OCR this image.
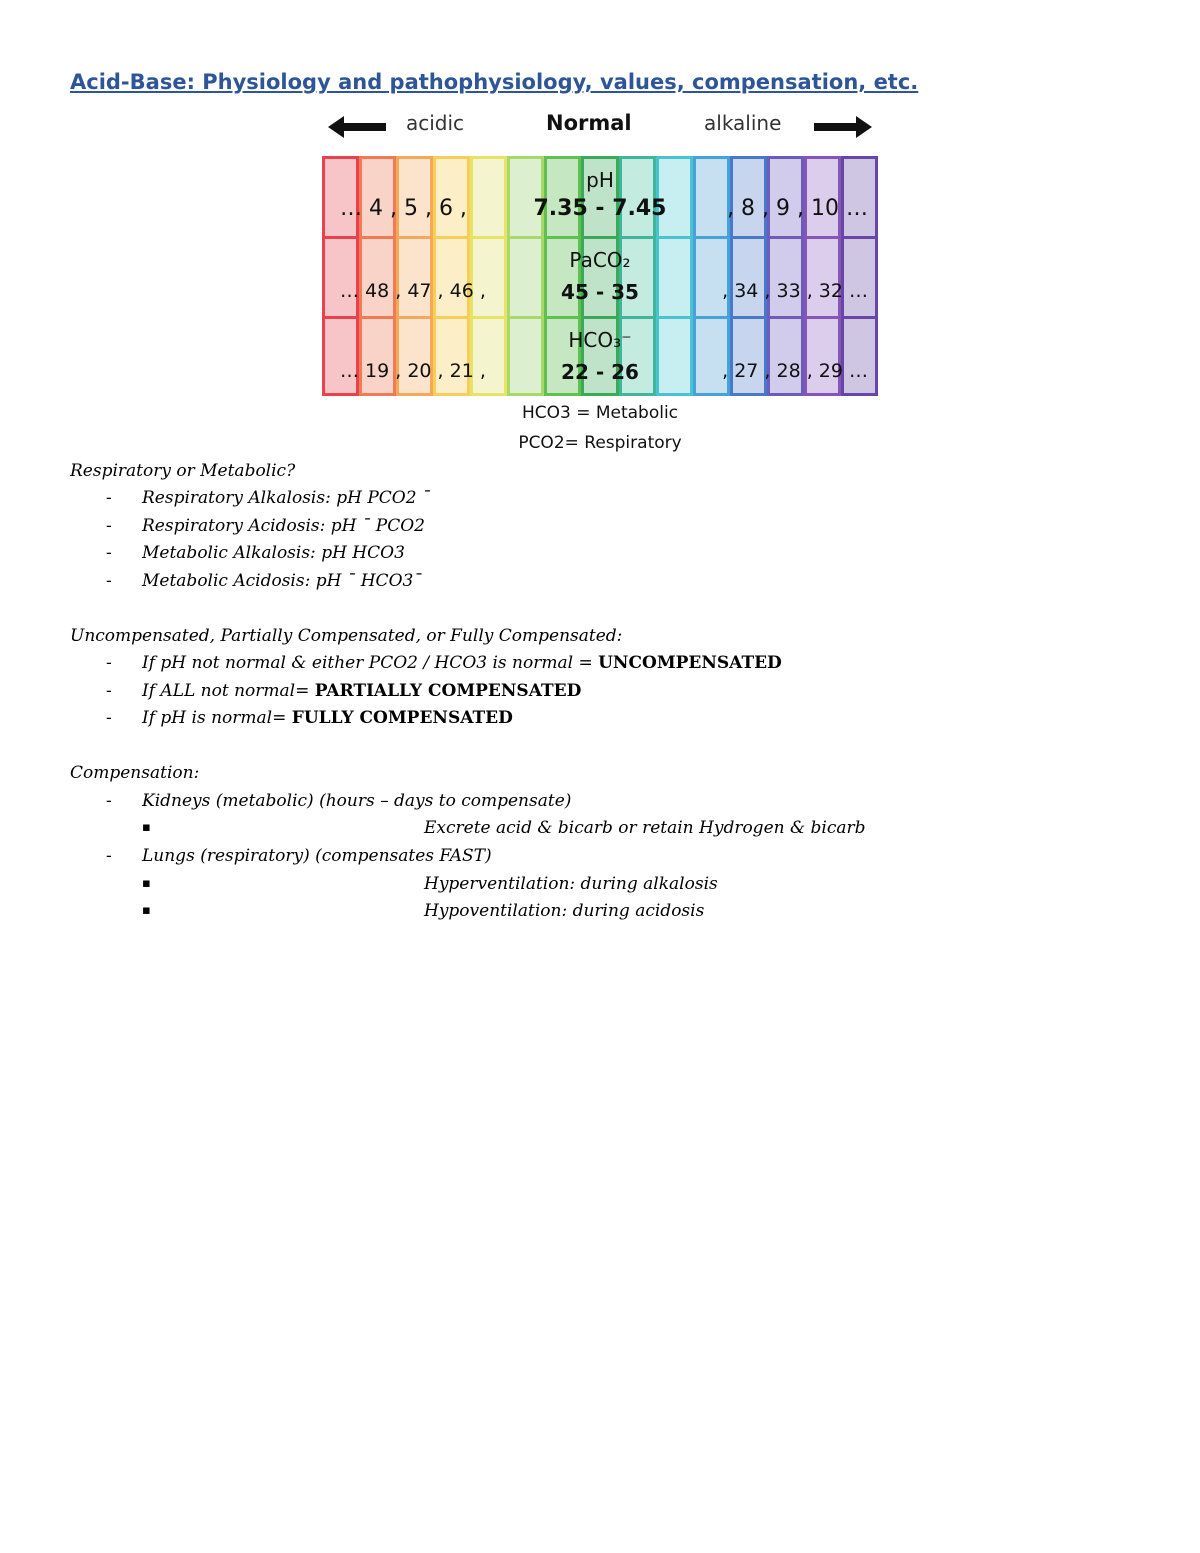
Acid-Base: Physiology and pathophysiology, values, compensation, etc.
acidic	Normal	alkaline
pH
… 4 , 5 , 6 ,	7.35 - 7.45	, 8 , 9 , 10 …
PaCO₂
… 48 , 47 , 46 ,	45 - 35	, 34 , 33 , 32 …
HCO₃⁻
… 19 , 20 , 21 ,	22 - 26	, 27 , 28 , 29 …
HCO3 = Metabolic
PCO2= Respiratory
Respiratory or Metabolic?
- Respiratory Alkalosis: pH PCO2 ¯
- Respiratory Acidosis: pH ¯ PCO2
- Metabolic Alkalosis: pH HCO3
- Metabolic Acidosis: pH ¯ HCO3¯
Uncompensated, Partially Compensated, or Fully Compensated:
- If pH not normal & either PCO2 / HCO3 is normal = UNCOMPENSATED
- If ALL not normal= PARTIALLY COMPENSATED
- If pH is normal= FULLY COMPENSATED
Compensation:
- Kidneys (metabolic) (hours – days to compensate)
▪	Excrete acid & bicarb or retain Hydrogen & bicarb
- Lungs (respiratory) (compensates FAST)
▪	Hyperventilation: during alkalosis
▪	Hypoventilation: during acidosis
